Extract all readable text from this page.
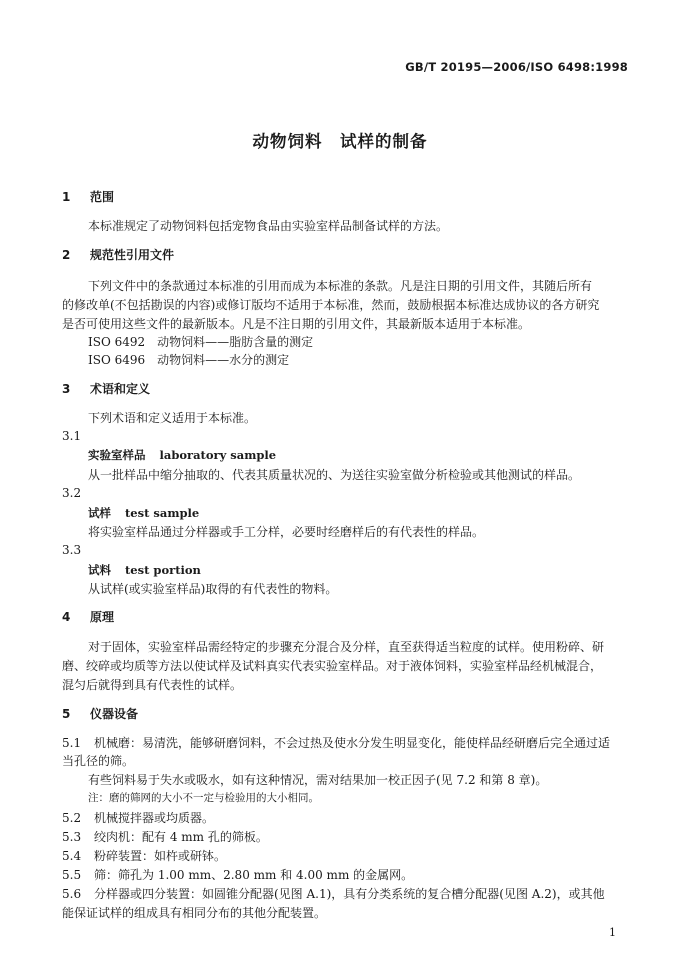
GB/T 20195—2006/ISO 6498:1998
动物饲料　试样的制备
1 范围
本标准规定了动物饲料包括宠物食品由实验室样品制备试样的方法。
2 规范性引用文件
下列文件中的条款通过本标准的引用而成为本标准的条款。凡是注日期的引用文件，其随后所有
的修改单(不包括勘误的内容)或修订版均不适用于本标准，然而，鼓励根据本标准达成协议的各方研究
是否可使用这些文件的最新版本。凡是不注日期的引用文件，其最新版本适用于本标准。
ISO 6492　动物饲料——脂肪含量的测定
ISO 6496　动物饲料——水分的测定
3 术语和定义
下列术语和定义适用于本标准。
3.1
实验室样品 laboratory sample
从一批样品中缩分抽取的、代表其质量状况的、为送往实验室做分析检验或其他测试的样品。
3.2
试样 test sample
将实验室样品通过分样器或手工分样，必要时经磨样后的有代表性的样品。
3.3
试料 test portion
从试样(或实验室样品)取得的有代表性的物料。
4 原理
对于固体，实验室样品需经特定的步骤充分混合及分样，直至获得适当粒度的试样。使用粉碎、研
磨、绞碎或均质等方法以使试样及试料真实代表实验室样品。对于液体饲料，实验室样品经机械混合，
混匀后就得到具有代表性的试样。
5 仪器设备
5.1 机械磨：易清洗，能够研磨饲料，不会过热及使水分发生明显变化，能使样品经研磨后完全通过适
当孔径的筛。
有些饲料易于失水或吸水，如有这种情况，需对结果加一校正因子(见 7.2 和第 8 章)。
注：磨的筛网的大小不一定与检验用的大小相同。
5.2 机械搅拌器或均质器。
5.3 绞肉机：配有 4 mm 孔的筛板。
5.4 粉碎装置：如杵或研钵。
5.5 筛：筛孔为 1.00 mm、2.80 mm 和 4.00 mm 的金属网。
5.6 分样器或四分装置：如圆锥分配器(见图 A.1)，具有分类系统的复合槽分配器(见图 A.2)，或其他
能保证试样的组成具有相同分布的其他分配装置。
1
